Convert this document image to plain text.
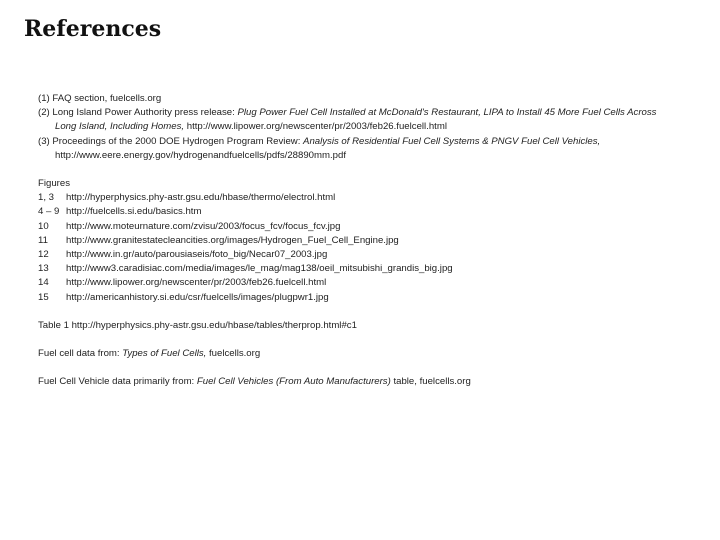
References
(1) FAQ section, fuelcells.org
(2) Long Island Power Authority press release: Plug Power Fuel Cell Installed at McDonald's Restaurant, LIPA to Install 45 More Fuel Cells Across Long Island, Including Homes, http://www.lipower.org/newscenter/pr/2003/feb26.fuelcell.html
(3) Proceedings of the 2000 DOE Hydrogen Program Review: Analysis of Residential Fuel Cell Systems & PNGV Fuel Cell Vehicles, http://www.eere.energy.gov/hydrogenandfuelcells/pdfs/28890mm.pdf
Figures
1, 3	http://hyperphysics.phy-astr.gsu.edu/hbase/thermo/electrol.html
4 – 9 http://fuelcells.si.edu/basics.htm
10	http://www.moteurnature.com/zvisu/2003/focus_fcv/focus_fcv.jpg
11	http://www.granitestatecleancities.org/images/Hydrogen_Fuel_Cell_Engine.jpg
12	http://www.in.gr/auto/parousiaseis/foto_big/Necar07_2003.jpg
13	http://www3.caradisiac.com/media/images/le_mag/mag138/oeil_mitsubishi_grandis_big.jpg
14	http://www.lipower.org/newscenter/pr/2003/feb26.fuelcell.html
15	http://americanhistory.si.edu/csr/fuelcells/images/plugpwr1.jpg
Table 1 http://hyperphysics.phy-astr.gsu.edu/hbase/tables/therprop.html#c1
Fuel cell data from: Types of Fuel Cells, fuelcells.org
Fuel Cell Vehicle data primarily from: Fuel Cell Vehicles (From Auto Manufacturers) table, fuelcells.org
